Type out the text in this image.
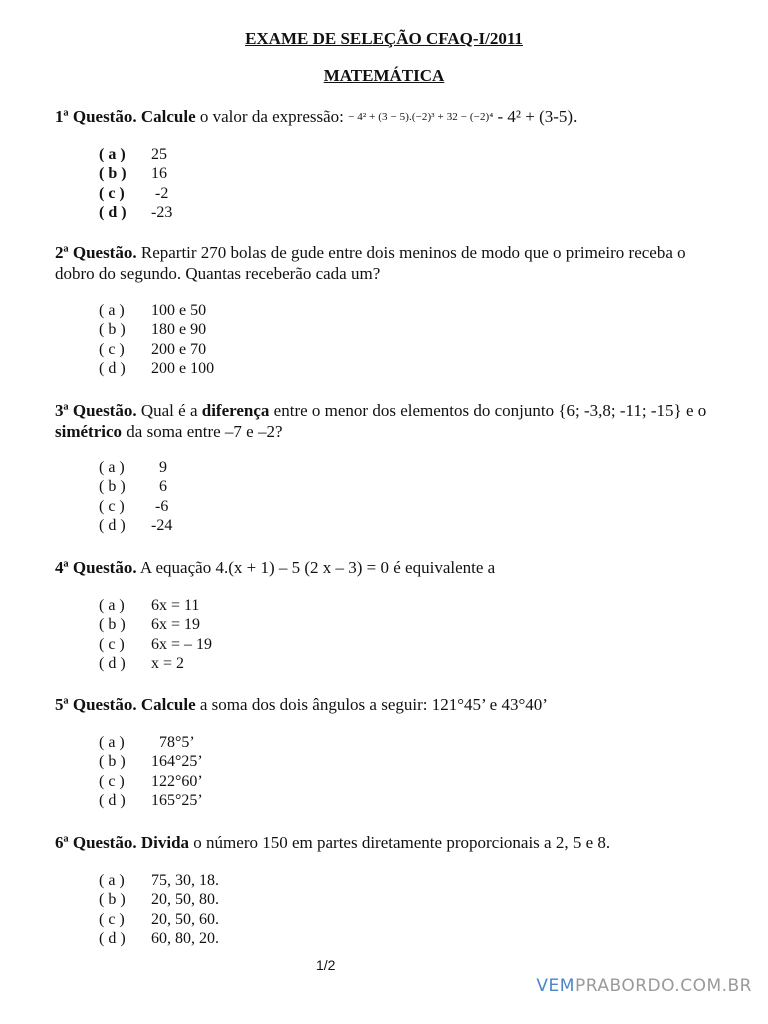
EXAME DE SELEÇÃO CFAQ-I/2011
MATEMÁTICA
1ª Questão. Calcule o valor da expressão: − 4² + (3 − 5).(−2)³ + 32 − (−2)⁴ - 4² + (3-5).
( a ) 25
( b ) 16
( c ) -2
( d ) -23
2ª Questão. Repartir 270 bolas de gude entre dois meninos de modo que o primeiro receba o dobro do segundo. Quantas receberão cada um?
( a ) 100 e 50
( b ) 180 e 90
( c ) 200 e 70
( d ) 200 e 100
3ª Questão. Qual é a diferença entre o menor dos elementos do conjunto {6; -3,8; -11; -15} e o simétrico da soma entre –7 e –2?
( a )  9
( b )  6
( c ) -6
( d ) -24
4ª Questão. A equação 4.(x + 1) – 5 (2 x – 3) = 0 é equivalente a
( a ) 6x = 11
( b ) 6x = 19
( c ) 6x = – 19
( d ) x = 2
5ª Questão. Calcule a soma dos dois ângulos a seguir: 121°45’ e 43°40’
( a )  78°5’
( b ) 164°25’
( c ) 122°60’
( d ) 165°25’
6ª Questão. Divida o número 150 em partes diretamente proporcionais a 2, 5 e 8.
( a ) 75, 30, 18.
( b ) 20, 50, 80.
( c ) 20, 50, 60.
( d ) 60, 80, 20.
1/2
VEMPRABORDO.COM.BR
